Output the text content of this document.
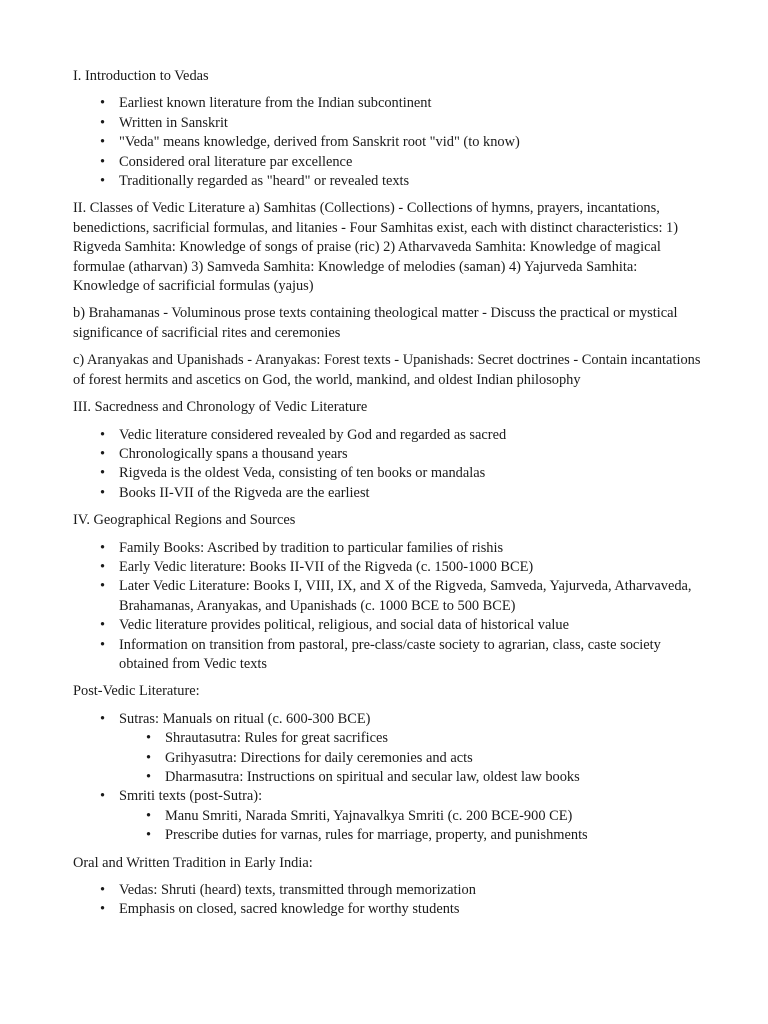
I. Introduction to Vedas

• Earliest known literature from the Indian subcontinent
• Written in Sanskrit
• "Veda" means knowledge, derived from Sanskrit root "vid" (to know)
• Considered oral literature par excellence
• Traditionally regarded as "heard" or revealed texts

II. Classes of Vedic Literature a) Samhitas (Collections) - Collections of hymns, prayers, incantations, benedictions, sacrificial formulas, and litanies - Four Samhitas exist, each with distinct characteristics: 1) Rigveda Samhita: Knowledge of songs of praise (ric) 2) Atharvaveda Samhita: Knowledge of magical formulae (atharvan) 3) Samveda Samhita: Knowledge of melodies (saman) 4) Yajurveda Samhita: Knowledge of sacrificial formulas (yajus)

b) Brahamanas - Voluminous prose texts containing theological matter - Discuss the practical or mystical significance of sacrificial rites and ceremonies

c) Aranyakas and Upanishads - Aranyakas: Forest texts - Upanishads: Secret doctrines - Contain incantations of forest hermits and ascetics on God, the world, mankind, and oldest Indian philosophy

III. Sacredness and Chronology of Vedic Literature

• Vedic literature considered revealed by God and regarded as sacred
• Chronologically spans a thousand years
• Rigveda is the oldest Veda, consisting of ten books or mandalas
• Books II-VII of the Rigveda are the earliest

IV. Geographical Regions and Sources

• Family Books: Ascribed by tradition to particular families of rishis
• Early Vedic literature: Books II-VII of the Rigveda (c. 1500-1000 BCE)
• Later Vedic Literature: Books I, VIII, IX, and X of the Rigveda, Samveda, Yajurveda, Atharvaveda, Brahamanas, Aranyakas, and Upanishads (c. 1000 BCE to 500 BCE)
• Vedic literature provides political, religious, and social data of historical value
• Information on transition from pastoral, pre-class/caste society to agrarian, class, caste society obtained from Vedic texts

Post-Vedic Literature:

• Sutras: Manuals on ritual (c. 600-300 BCE)
• Shrautasutra: Rules for great sacrifices
• Grihyasutra: Directions for daily ceremonies and acts
• Dharmasutra: Instructions on spiritual and secular law, oldest law books
• Smriti texts (post-Sutra):
• Manu Smriti, Narada Smriti, Yajnavalkya Smriti (c. 200 BCE-900 CE)
• Prescribe duties for varnas, rules for marriage, property, and punishments

Oral and Written Tradition in Early India:

• Vedas: Shruti (heard) texts, transmitted through memorization
• Emphasis on closed, sacred knowledge for worthy students
